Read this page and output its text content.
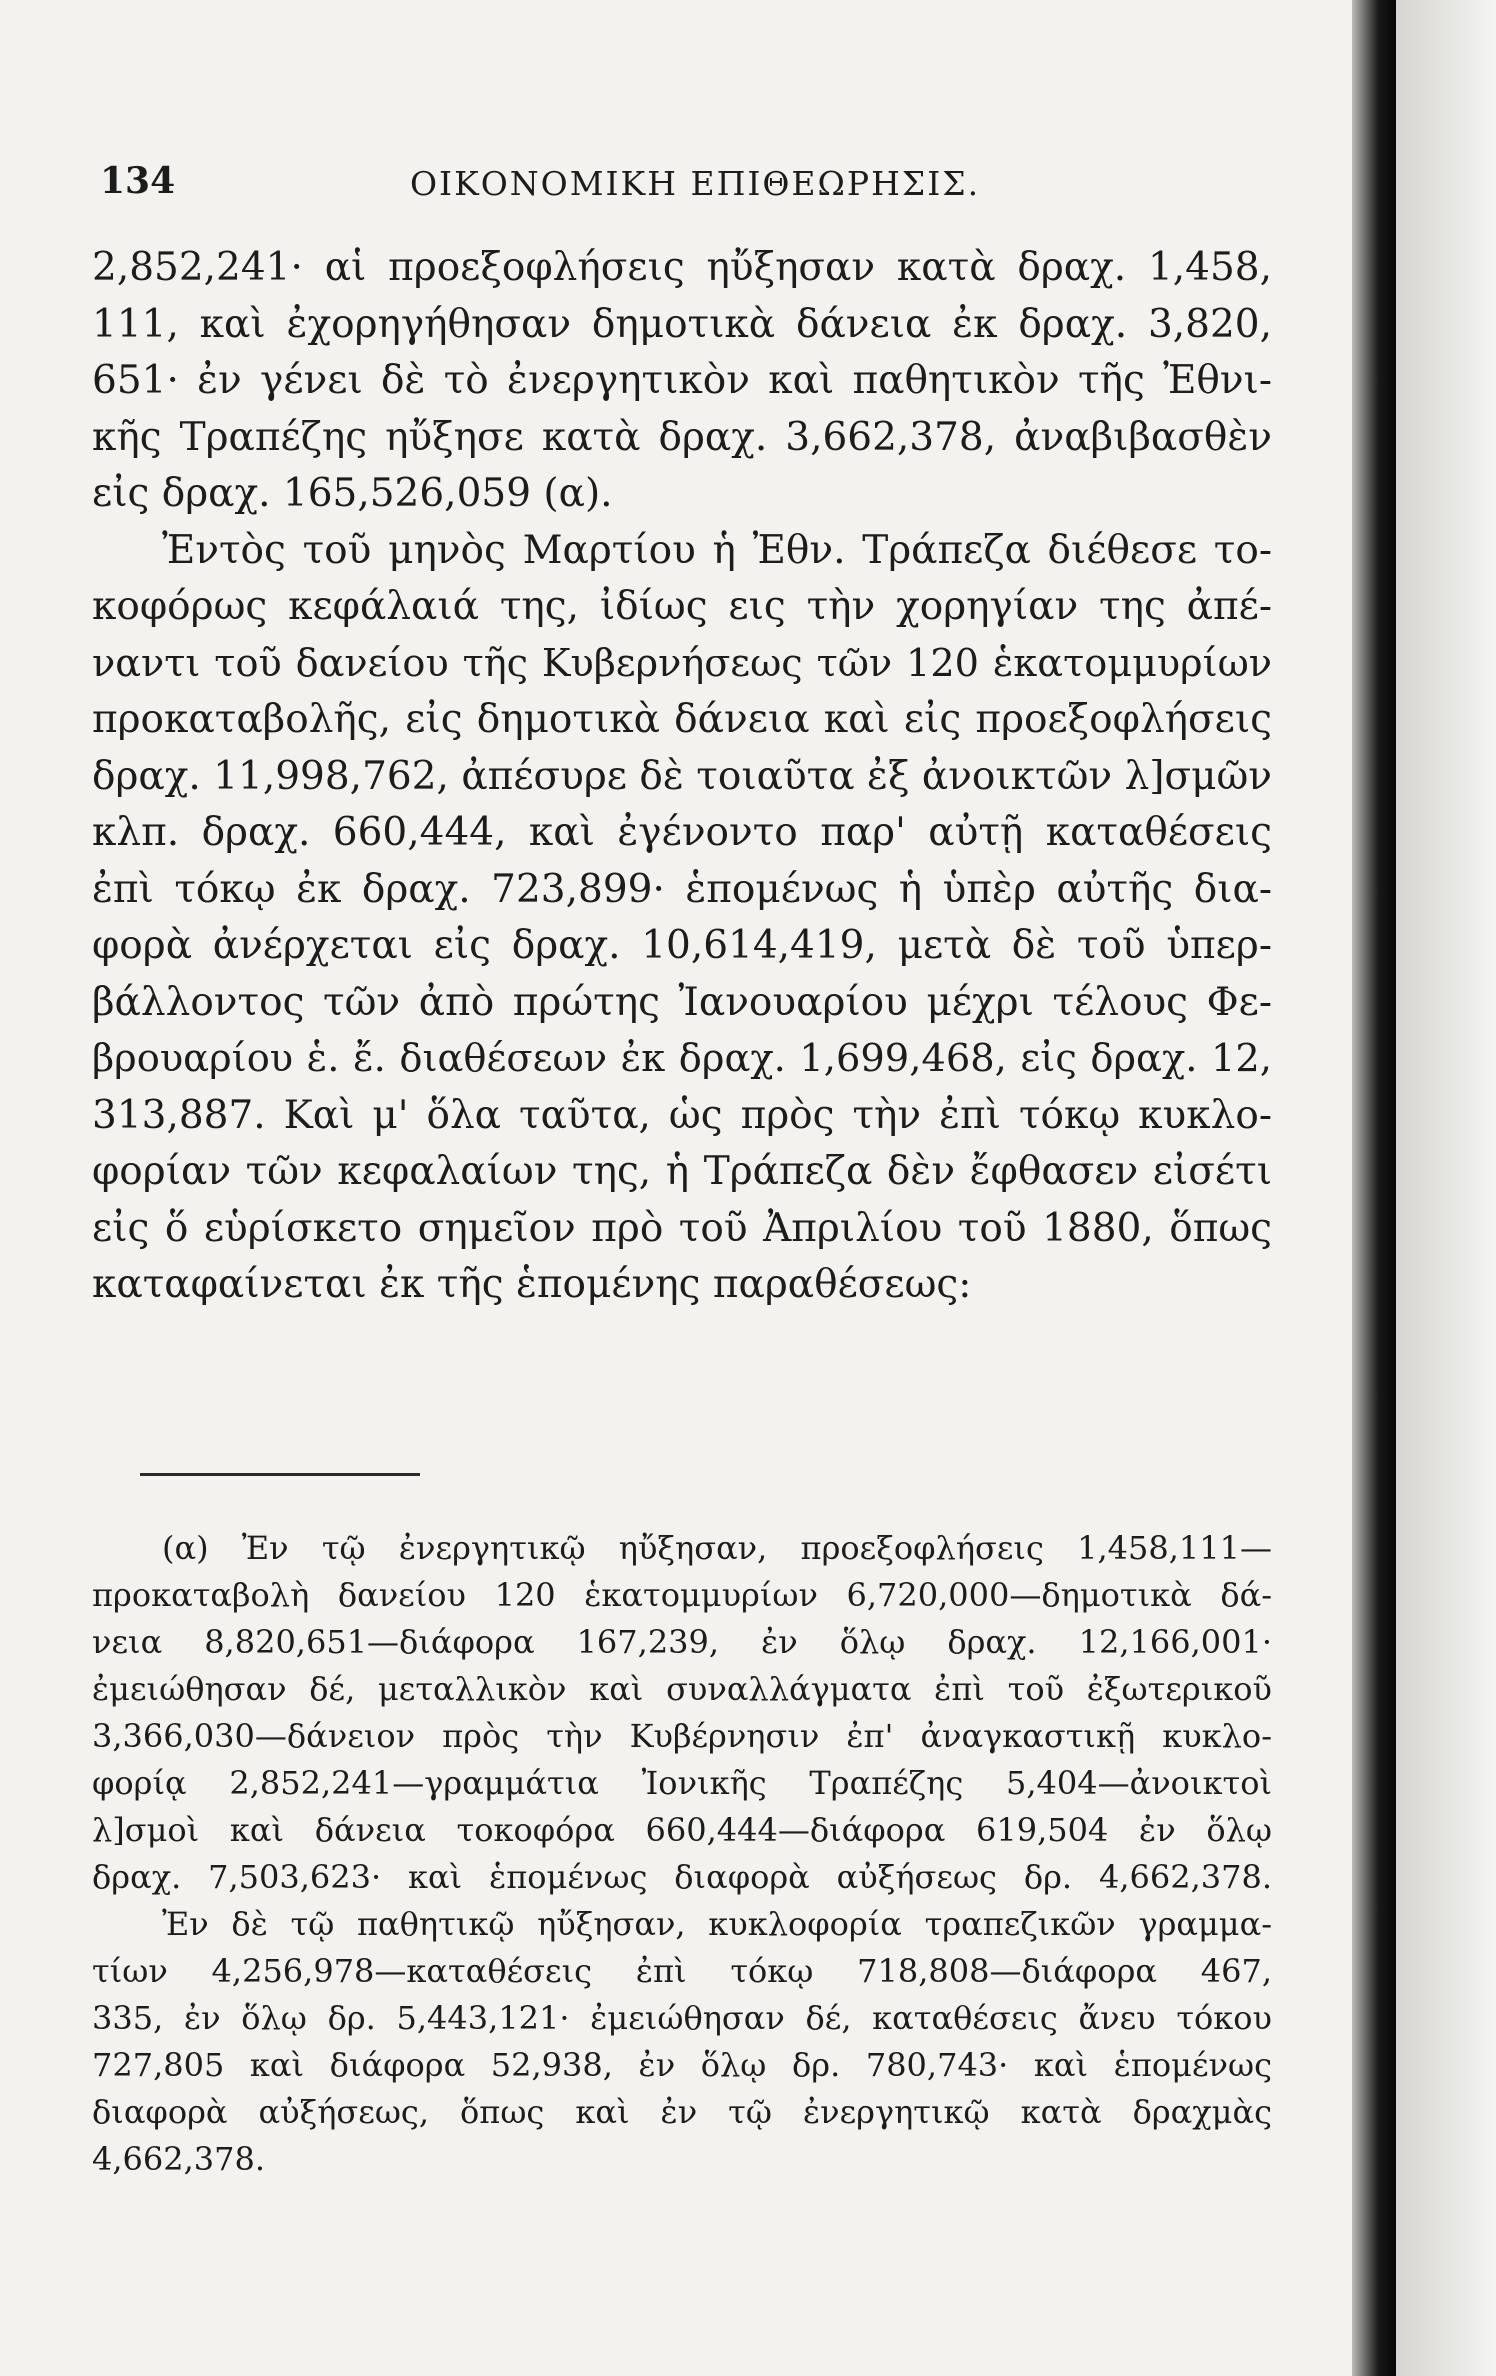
134	ΟΙΚΟΝΟΜΙΚΗ ΕΠΙΘΕΩΡΗΣΙΣ.
2,852,241· αἱ προεξοφλήσεις ηὔξησαν κατὰ δραχ. 1,458,
111, καὶ ἐχορηγήθησαν δημοτικὰ δάνεια ἐκ δραχ. 3,820,
651· ἐν γένει δὲ τὸ ἐνεργητικὸν καὶ παθητικὸν τῆς Ἐθνι-
κῆς Τραπέζης ηὔξησε κατὰ δραχ. 3,662,378, ἀναβιβασθὲν
εἰς δραχ. 165,526,059 (α).
Ἐντὸς τοῦ μηνὸς Μαρτίου ἡ Ἐθν. Τράπεζα διέθεσε το-
κοφόρως κεφάλαιά της, ἰδίως εις τὴν χορηγίαν της ἀπέ-
ναντι τοῦ δανείου τῆς Κυβερνήσεως τῶν 120 ἑκατομμυρίων
προκαταβολῆς, εἰς δημοτικὰ δάνεια καὶ εἰς προεξοφλήσεις
δραχ. 11,998,762, ἀπέσυρε δὲ τοιαῦτα ἐξ ἀνοικτῶν λ]σμῶν
κλπ. δραχ. 660,444, καὶ ἐγένοντο παρ' αὐτῇ καταθέσεις
ἐπὶ τόκῳ ἐκ δραχ. 723,899· ἑπομένως ἡ ὑπὲρ αὐτῆς δια-
φορὰ ἀνέρχεται εἰς δραχ. 10,614,419, μετὰ δὲ τοῦ ὑπερ-
βάλλοντος τῶν ἀπὸ πρώτης Ἰανουαρίου μέχρι τέλους Φε-
βρουαρίου ἑ. ἔ. διαθέσεων ἐκ δραχ. 1,699,468, εἰς δραχ. 12,
313,887. Καὶ μ' ὅλα ταῦτα, ὡς πρὸς τὴν ἐπὶ τόκῳ κυκλο-
φορίαν τῶν κεφαλαίων της, ἡ Τράπεζα δὲν ἔφθασεν εἰσέτι
εἰς ὅ εὑρίσκετο σημεῖον πρὸ τοῦ Ἀπριλίου τοῦ 1880, ὅπως
καταφαίνεται ἐκ τῆς ἑπομένης παραθέσεως:
(α) Ἐν τῷ ἐνεργητικῷ ηὔξησαν, προεξοφλήσεις 1,458,111—
προκαταβολὴ δανείου 120 ἑκατομμυρίων 6,720,000—δημοτικὰ δά-
νεια 8,820,651—διάφορα 167,239, ἐν ὅλῳ δραχ. 12,166,001·
ἐμειώθησαν δέ, μεταλλικὸν καὶ συναλλάγματα ἐπὶ τοῦ ἐξωτερικοῦ
3,366,030—δάνειον πρὸς τὴν Κυβέρνησιν ἐπ' ἀναγκαστικῇ κυκλο-
φορίᾳ 2,852,241—γραμμάτια Ἰονικῆς Τραπέζης 5,404—ἀνοικτοὶ
λ]σμοὶ καὶ δάνεια τοκοφόρα 660,444—διάφορα 619,504 ἐν ὅλῳ
δραχ. 7,503,623· καὶ ἑπομένως διαφορὰ αὐξήσεως δρ. 4,662,378.
Ἐν δὲ τῷ παθητικῷ ηὔξησαν, κυκλοφορία τραπεζικῶν γραμμα-
τίων 4,256,978—καταθέσεις ἐπὶ τόκῳ 718,808—διάφορα 467,
335, ἐν ὅλῳ δρ. 5,443,121· ἐμειώθησαν δέ, καταθέσεις ἄνευ τόκου
727,805 καὶ διάφορα 52,938, ἐν ὅλῳ δρ. 780,743· καὶ ἑπομένως
διαφορὰ αὐξήσεως, ὅπως καὶ ἐν τῷ ἐνεργητικῷ κατὰ δραχμὰς
4,662,378.
